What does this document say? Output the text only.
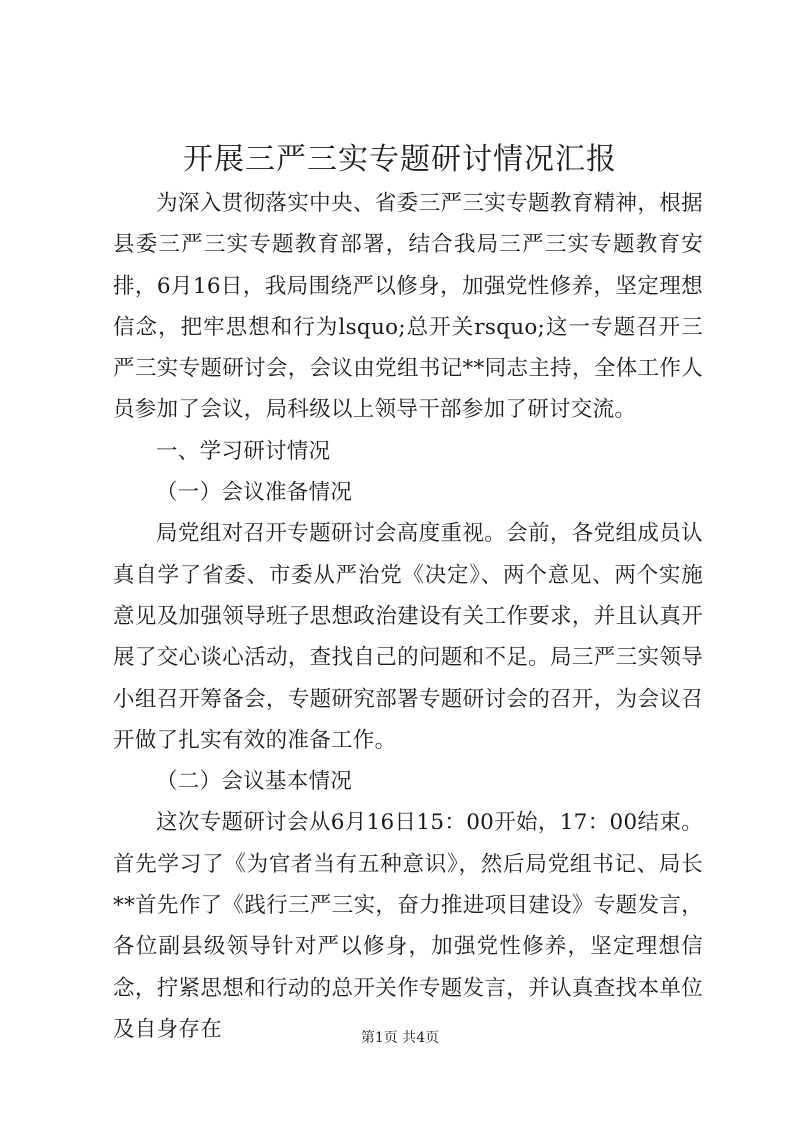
开展三严三实专题研讨情况汇报

为深入贯彻落实中央、省委三严三实专题教育精神，根据县委三严三实专题教育部署，结合我局三严三实专题教育安排，6月16日，我局围绕严以修身，加强党性修养，坚定理想信念，把牢思想和行为lsquo;总开关rsquo;这一专题召开三严三实专题研讨会，会议由党组书记**同志主持，全体工作人员参加了会议，局科级以上领导干部参加了研讨交流。

一、学习研讨情况

（一）会议准备情况

局党组对召开专题研讨会高度重视。会前，各党组成员认真自学了省委、市委从严治党《决定》、两个意见、两个实施意见及加强领导班子思想政治建设有关工作要求，并且认真开展了交心谈心活动，查找自己的问题和不足。局三严三实领导小组召开筹备会，专题研究部署专题研讨会的召开，为会议召开做了扎实有效的准备工作。

（二）会议基本情况

这次专题研讨会从6月16日15：00开始，17：00结束。首先学习了《为官者当有五种意识》，然后局党组书记、局长**首先作了《践行三严三实，奋力推进项目建设》专题发言，各位副县级领导针对严以修身，加强党性修养，坚定理想信念，拧紧思想和行动的总开关作专题发言，并认真查找本单位及自身存在	第1页 共4页
